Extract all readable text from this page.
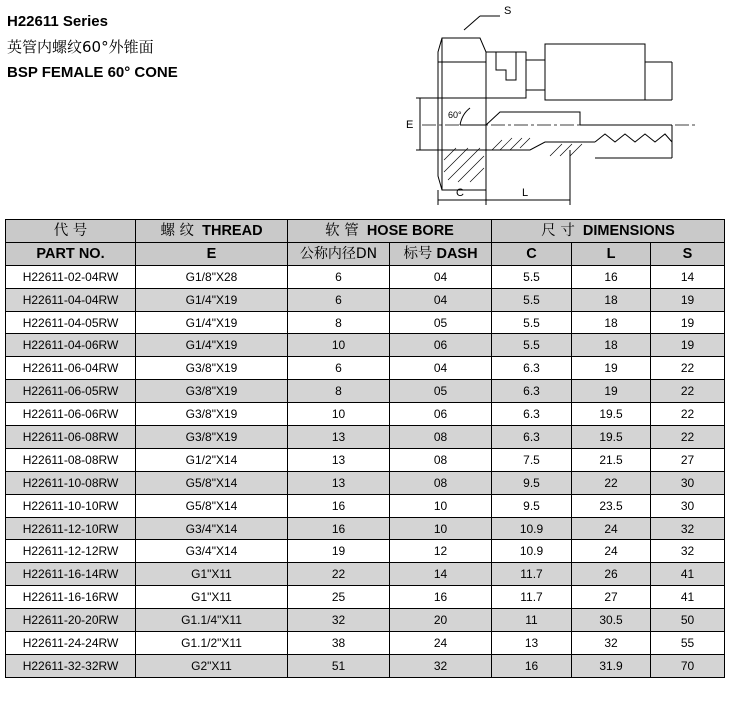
H22611 Series
英管内螺纹60°外锥面
BSP FEMALE 60° CONE
S
E
60°
C	L
代 号	螺 纹 THREAD	软 管 HOSE BORE		尺 寸 DIMENSIONS		
PART NO.	E	公称内径DN	标号 DASH	C	L	S
H22611-02-04RW	G1/8"X28	6	04	5.5	16	14
H22611-04-04RW	G1/4"X19	6	04	5.5	18	19
H22611-04-05RW	G1/4"X19	8	05	5.5	18	19
H22611-04-06RW	G1/4"X19	10	06	5.5	18	19
H22611-06-04RW	G3/8"X19	6	04	6.3	19	22
H22611-06-05RW	G3/8"X19	8	05	6.3	19	22
H22611-06-06RW	G3/8"X19	10	06	6.3	19.5	22
H22611-06-08RW	G3/8"X19	13	08	6.3	19.5	22
H22611-08-08RW	G1/2"X14	13	08	7.5	21.5	27
H22611-10-08RW	G5/8"X14	13	08	9.5	22	30
H22611-10-10RW	G5/8"X14	16	10	9.5	23.5	30
H22611-12-10RW	G3/4"X14	16	10	10.9	24	32
H22611-12-12RW	G3/4"X14	19	12	10.9	24	32
H22611-16-14RW	G1"X11	22	14	11.7	26	41
H22611-16-16RW	G1"X11	25	16	11.7	27	41
H22611-20-20RW	G1.1/4"X11	32	20	11	30.5	50
H22611-24-24RW	G1.1/2"X11	38	24	13	32	55
H22611-32-32RW	G2"X11	51	32	16	31.9	70
